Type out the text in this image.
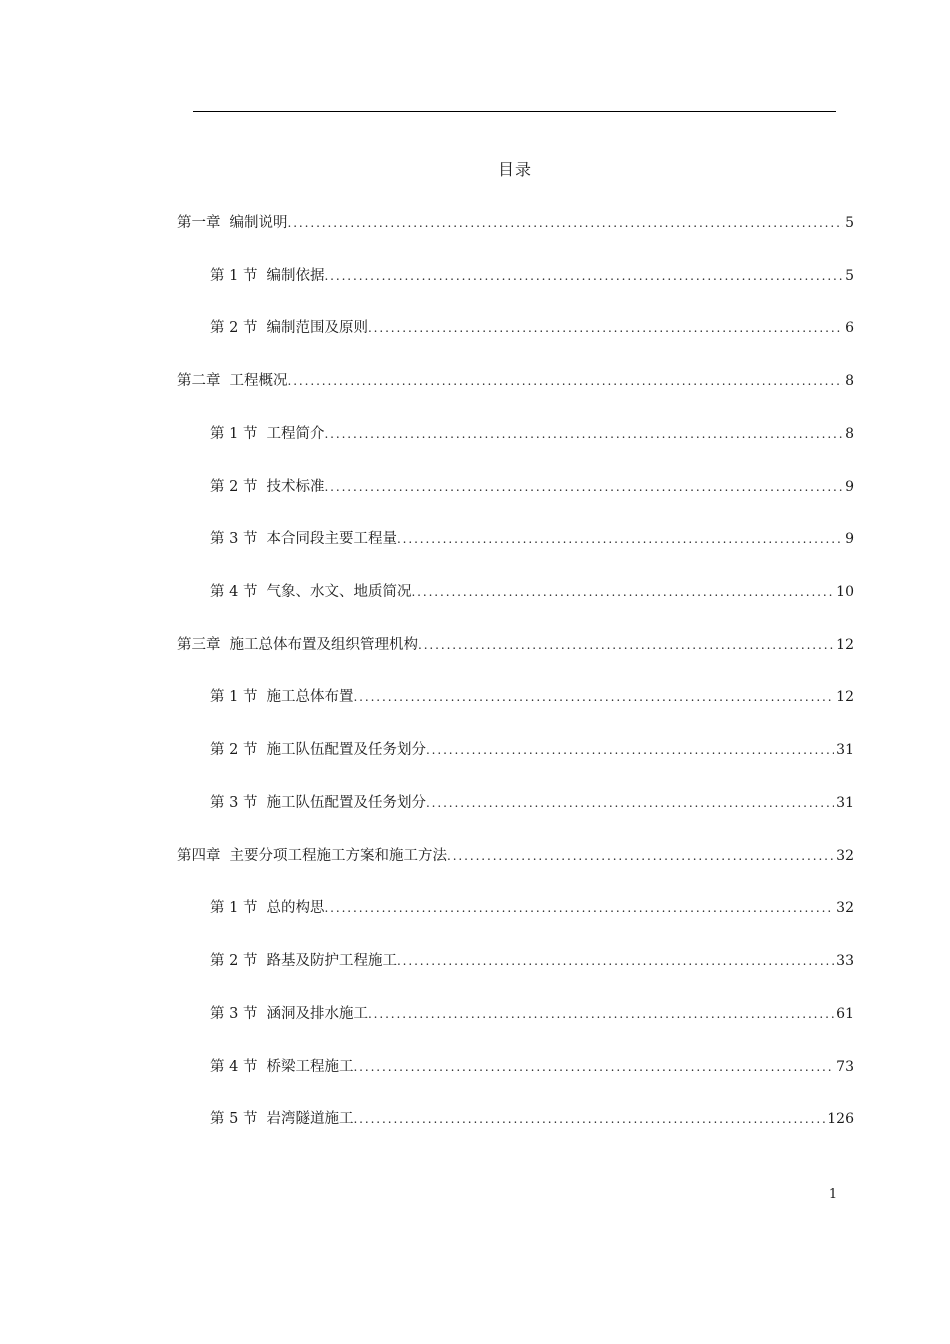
目录
第一章 编制说明 .....	5
第 1 节 编制依据 .....	5
第 2 节 编制范围及原则 .....	6
第二章 工程概况 .....	8
第 1 节 工程简介 .....	8
第 2 节 技术标准 .....	9
第 3 节 本合同段主要工程量 .....	9
第 4 节 气象、水文、地质简况 .....	10
第三章 施工总体布置及组织管理机构 .....	12
第 1 节 施工总体布置 .....	12
第 2 节 施工队伍配置及任务划分 .....	31
第 3 节 施工队伍配置及任务划分 .....	31
第四章 主要分项工程施工方案和施工方法 .....	32
第 1 节 总的构思 .....	32
第 2 节 路基及防护工程施工 .....	33
第 3 节 涵洞及排水施工 .....	61
第 4 节 桥梁工程施工 .....	73
第 5 节 岩湾隧道施工 .....	126
1
